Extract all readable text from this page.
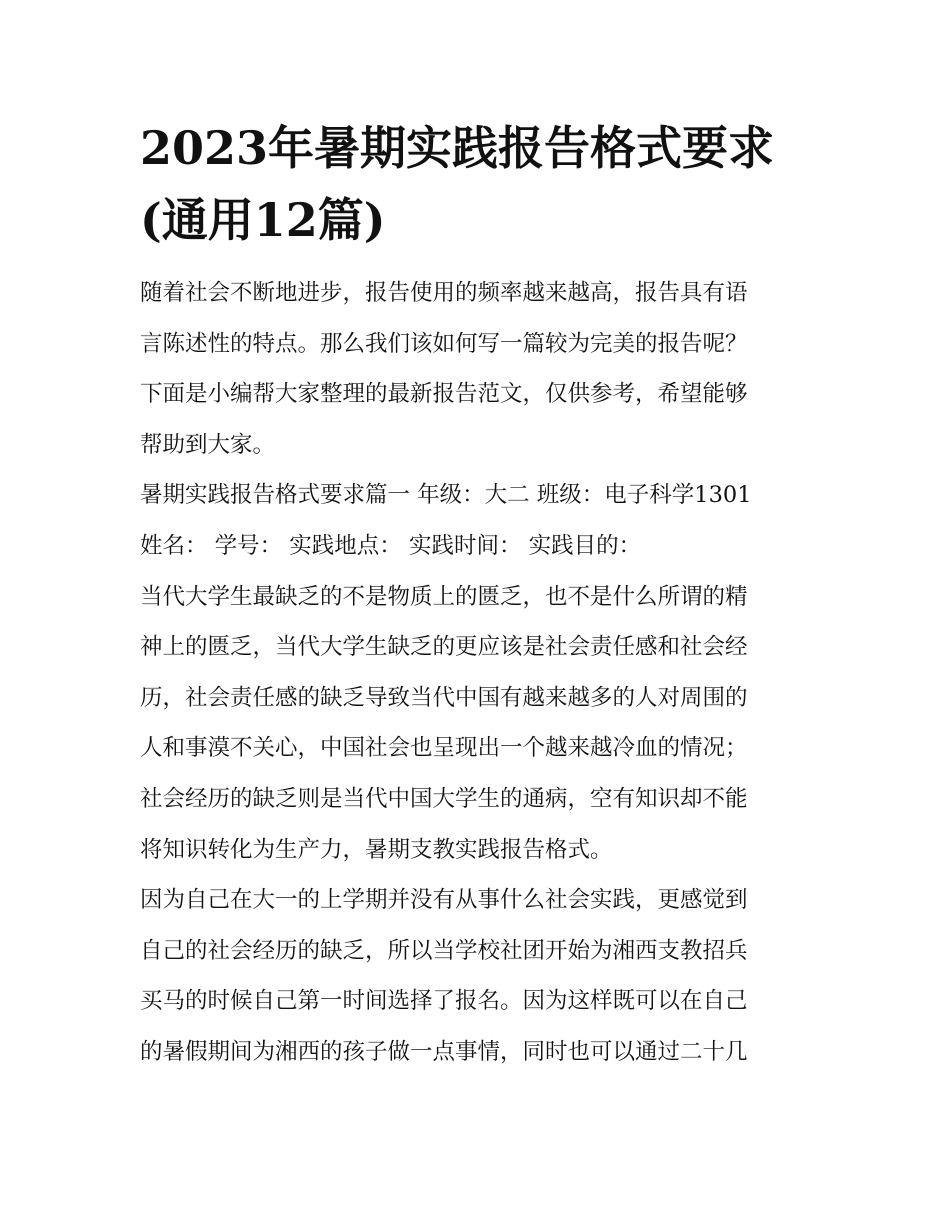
2023年暑期实践报告格式要求
(通用12篇)

随着社会不断地进步，报告使用的频率越来越高，报告具有语
言陈述性的特点。那么我们该如何写一篇较为完美的报告呢？
下面是小编帮大家整理的最新报告范文，仅供参考，希望能够
帮助到大家。

暑期实践报告格式要求篇一 年级：大二 班级：电子科学1301
姓名： 学号： 实践地点： 实践时间： 实践目的：

当代大学生最缺乏的不是物质上的匮乏，也不是什么所谓的精
神上的匮乏，当代大学生缺乏的更应该是社会责任感和社会经
历，社会责任感的缺乏导致当代中国有越来越多的人对周围的
人和事漠不关心，中国社会也呈现出一个越来越冷血的情况；
社会经历的缺乏则是当代中国大学生的通病，空有知识却不能
将知识转化为生产力，暑期支教实践报告格式。

因为自己在大一的上学期并没有从事什么社会实践，更感觉到
自己的社会经历的缺乏，所以当学校社团开始为湘西支教招兵
买马的时候自己第一时间选择了报名。因为这样既可以在自己
的暑假期间为湘西的孩子做一点事情，同时也可以通过二十几
